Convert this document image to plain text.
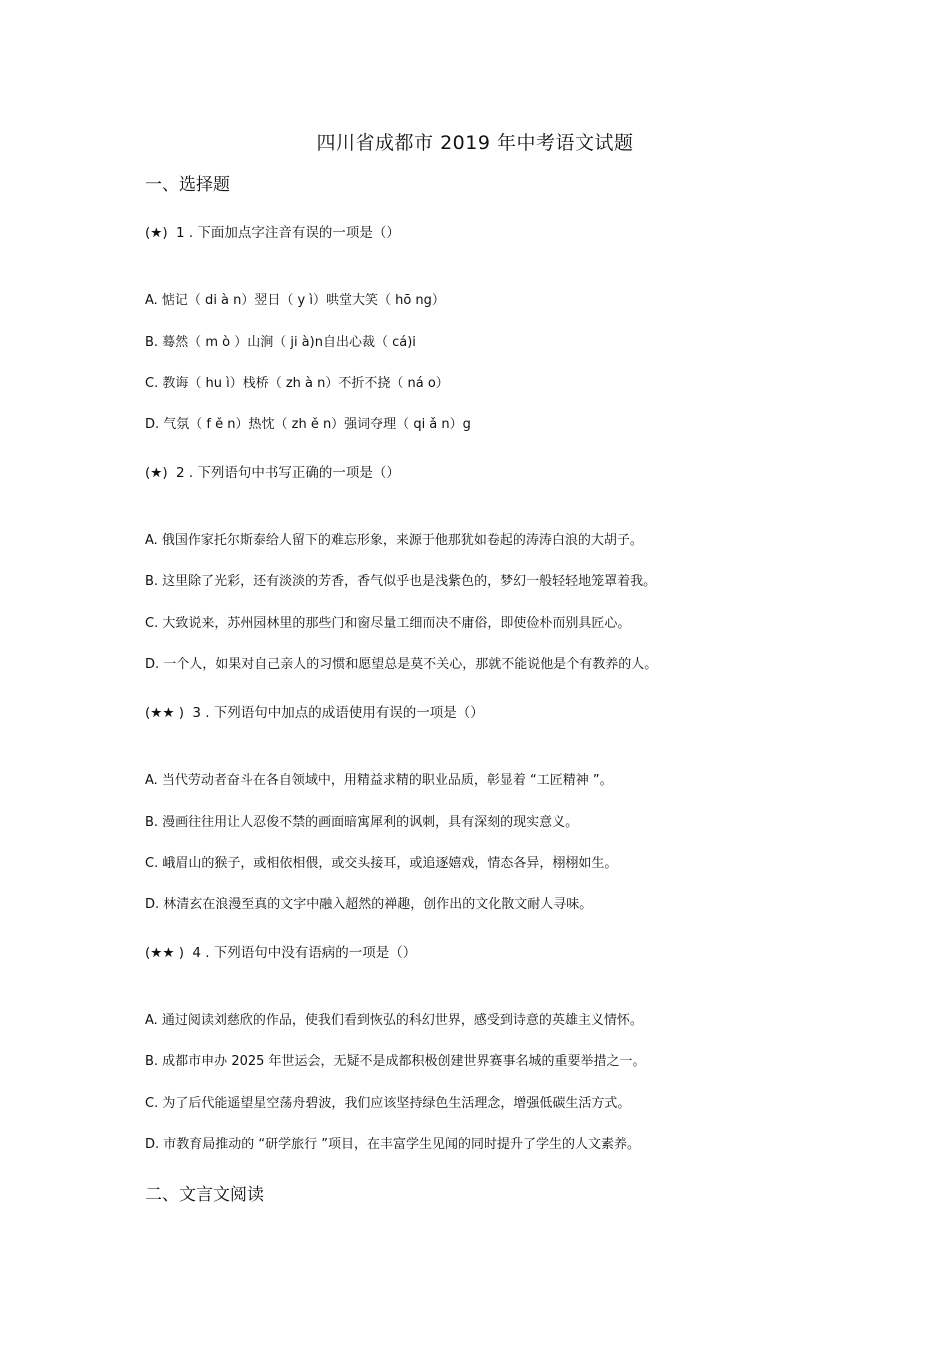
四川省成都市 2019 年中考语文试题
一、选择题
(★) 1 . 下面加点字注音有误的一项是（）
A. 惦记（ di à n）翌日（ y ì）哄堂大笑（ hō ng）
B. 蓦然（ m ò ）山涧（ ji à)n自出心裁（ cá)i
C. 教诲（ hu ì）栈桥（ zh à n）不折不挠（ ná o）
D. 气氛（ f ě n）热忱（ zh ě n）强词夺理（ qi ǎ n）g
(★) 2 . 下列语句中书写正确的一项是（）
A. 俄国作家托尔斯泰给人留下的难忘形象，来源于他那犹如卷起的涛涛白浪的大胡子。
B. 这里除了光彩，还有淡淡的芳香，香气似乎也是浅紫色的，梦幻一般轻轻地笼罩着我。
C. 大致说来，苏州园林里的那些门和窗尽量工细而决不庸俗，即使俭朴而别具匠心。
D. 一个人，如果对自己亲人的习惯和愿望总是莫不关心，那就不能说他是个有教养的人。
(★★ ) 3 . 下列语句中加点的成语使用有误的一项是（）
A. 当代劳动者奋斗在各自领域中，用精益求精的职业品质，彰显着 “工匠精神 ”。
B. 漫画往往用让人忍俊不禁的画面暗寓犀利的讽刺，具有深刻的现实意义。
C. 峨眉山的猴子，或相依相偎，或交头接耳，或追逐嬉戏，情态各异，栩栩如生。
D. 林清玄在浪漫至真的文字中融入超然的禅趣，创作出的文化散文耐人寻味。
(★★ ) 4 . 下列语句中没有语病的一项是（）
A. 通过阅读刘慈欣的作品，使我们看到恢弘的科幻世界，感受到诗意的英雄主义情怀。
B. 成都市申办 2025 年世运会，无疑不是成都积极创建世界赛事名城的重要举措之一。
C. 为了后代能遥望星空荡舟碧波，我们应该坚持绿色生活理念，增强低碳生活方式。
D. 市教育局推动的 “研学旅行 ”项目，在丰富学生见闻的同时提升了学生的人文素养。
二、文言文阅读
